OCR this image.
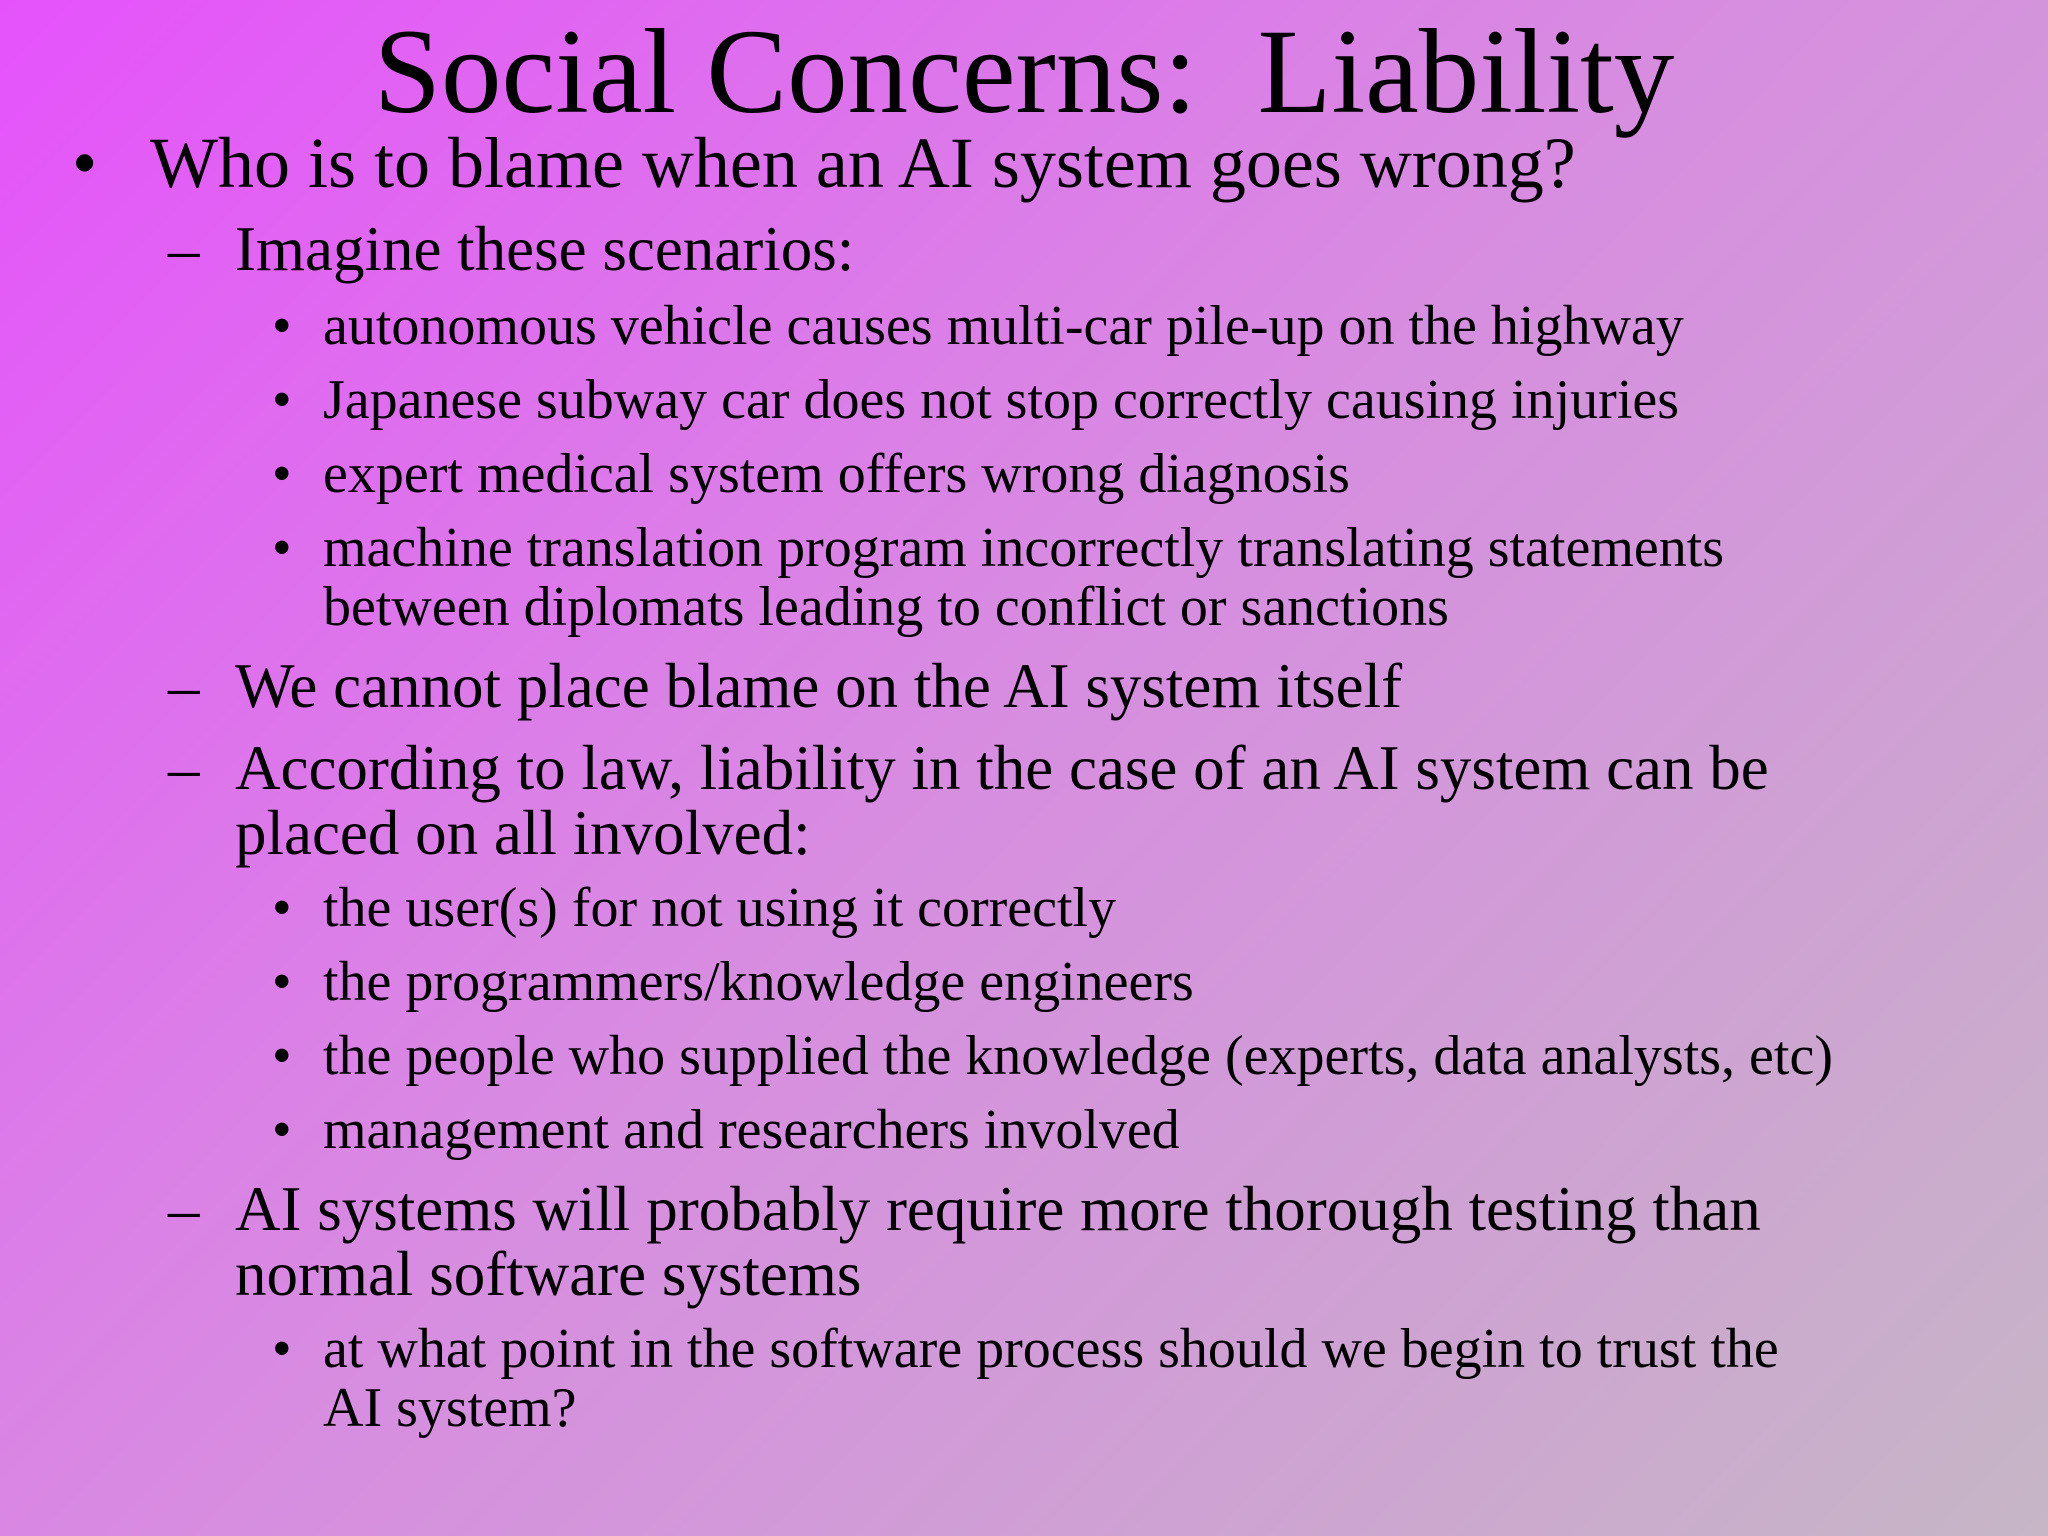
Social Concerns:  Liability
• Who is to blame when an AI system goes wrong?
– Imagine these scenarios:
• autonomous vehicle causes multi-car pile-up on the highway
• Japanese subway car does not stop correctly causing injuries
• expert medical system offers wrong diagnosis
• machine translation program incorrectly translating statements
between diplomats leading to conflict or sanctions
– We cannot place blame on the AI system itself
– According to law, liability in the case of an AI system can be
placed on all involved:
• the user(s) for not using it correctly
• the programmers/knowledge engineers
• the people who supplied the knowledge (experts, data analysts, etc)
• management and researchers involved
– AI systems will probably require more thorough testing than
normal software systems
• at what point in the software process should we begin to trust the
AI system?
